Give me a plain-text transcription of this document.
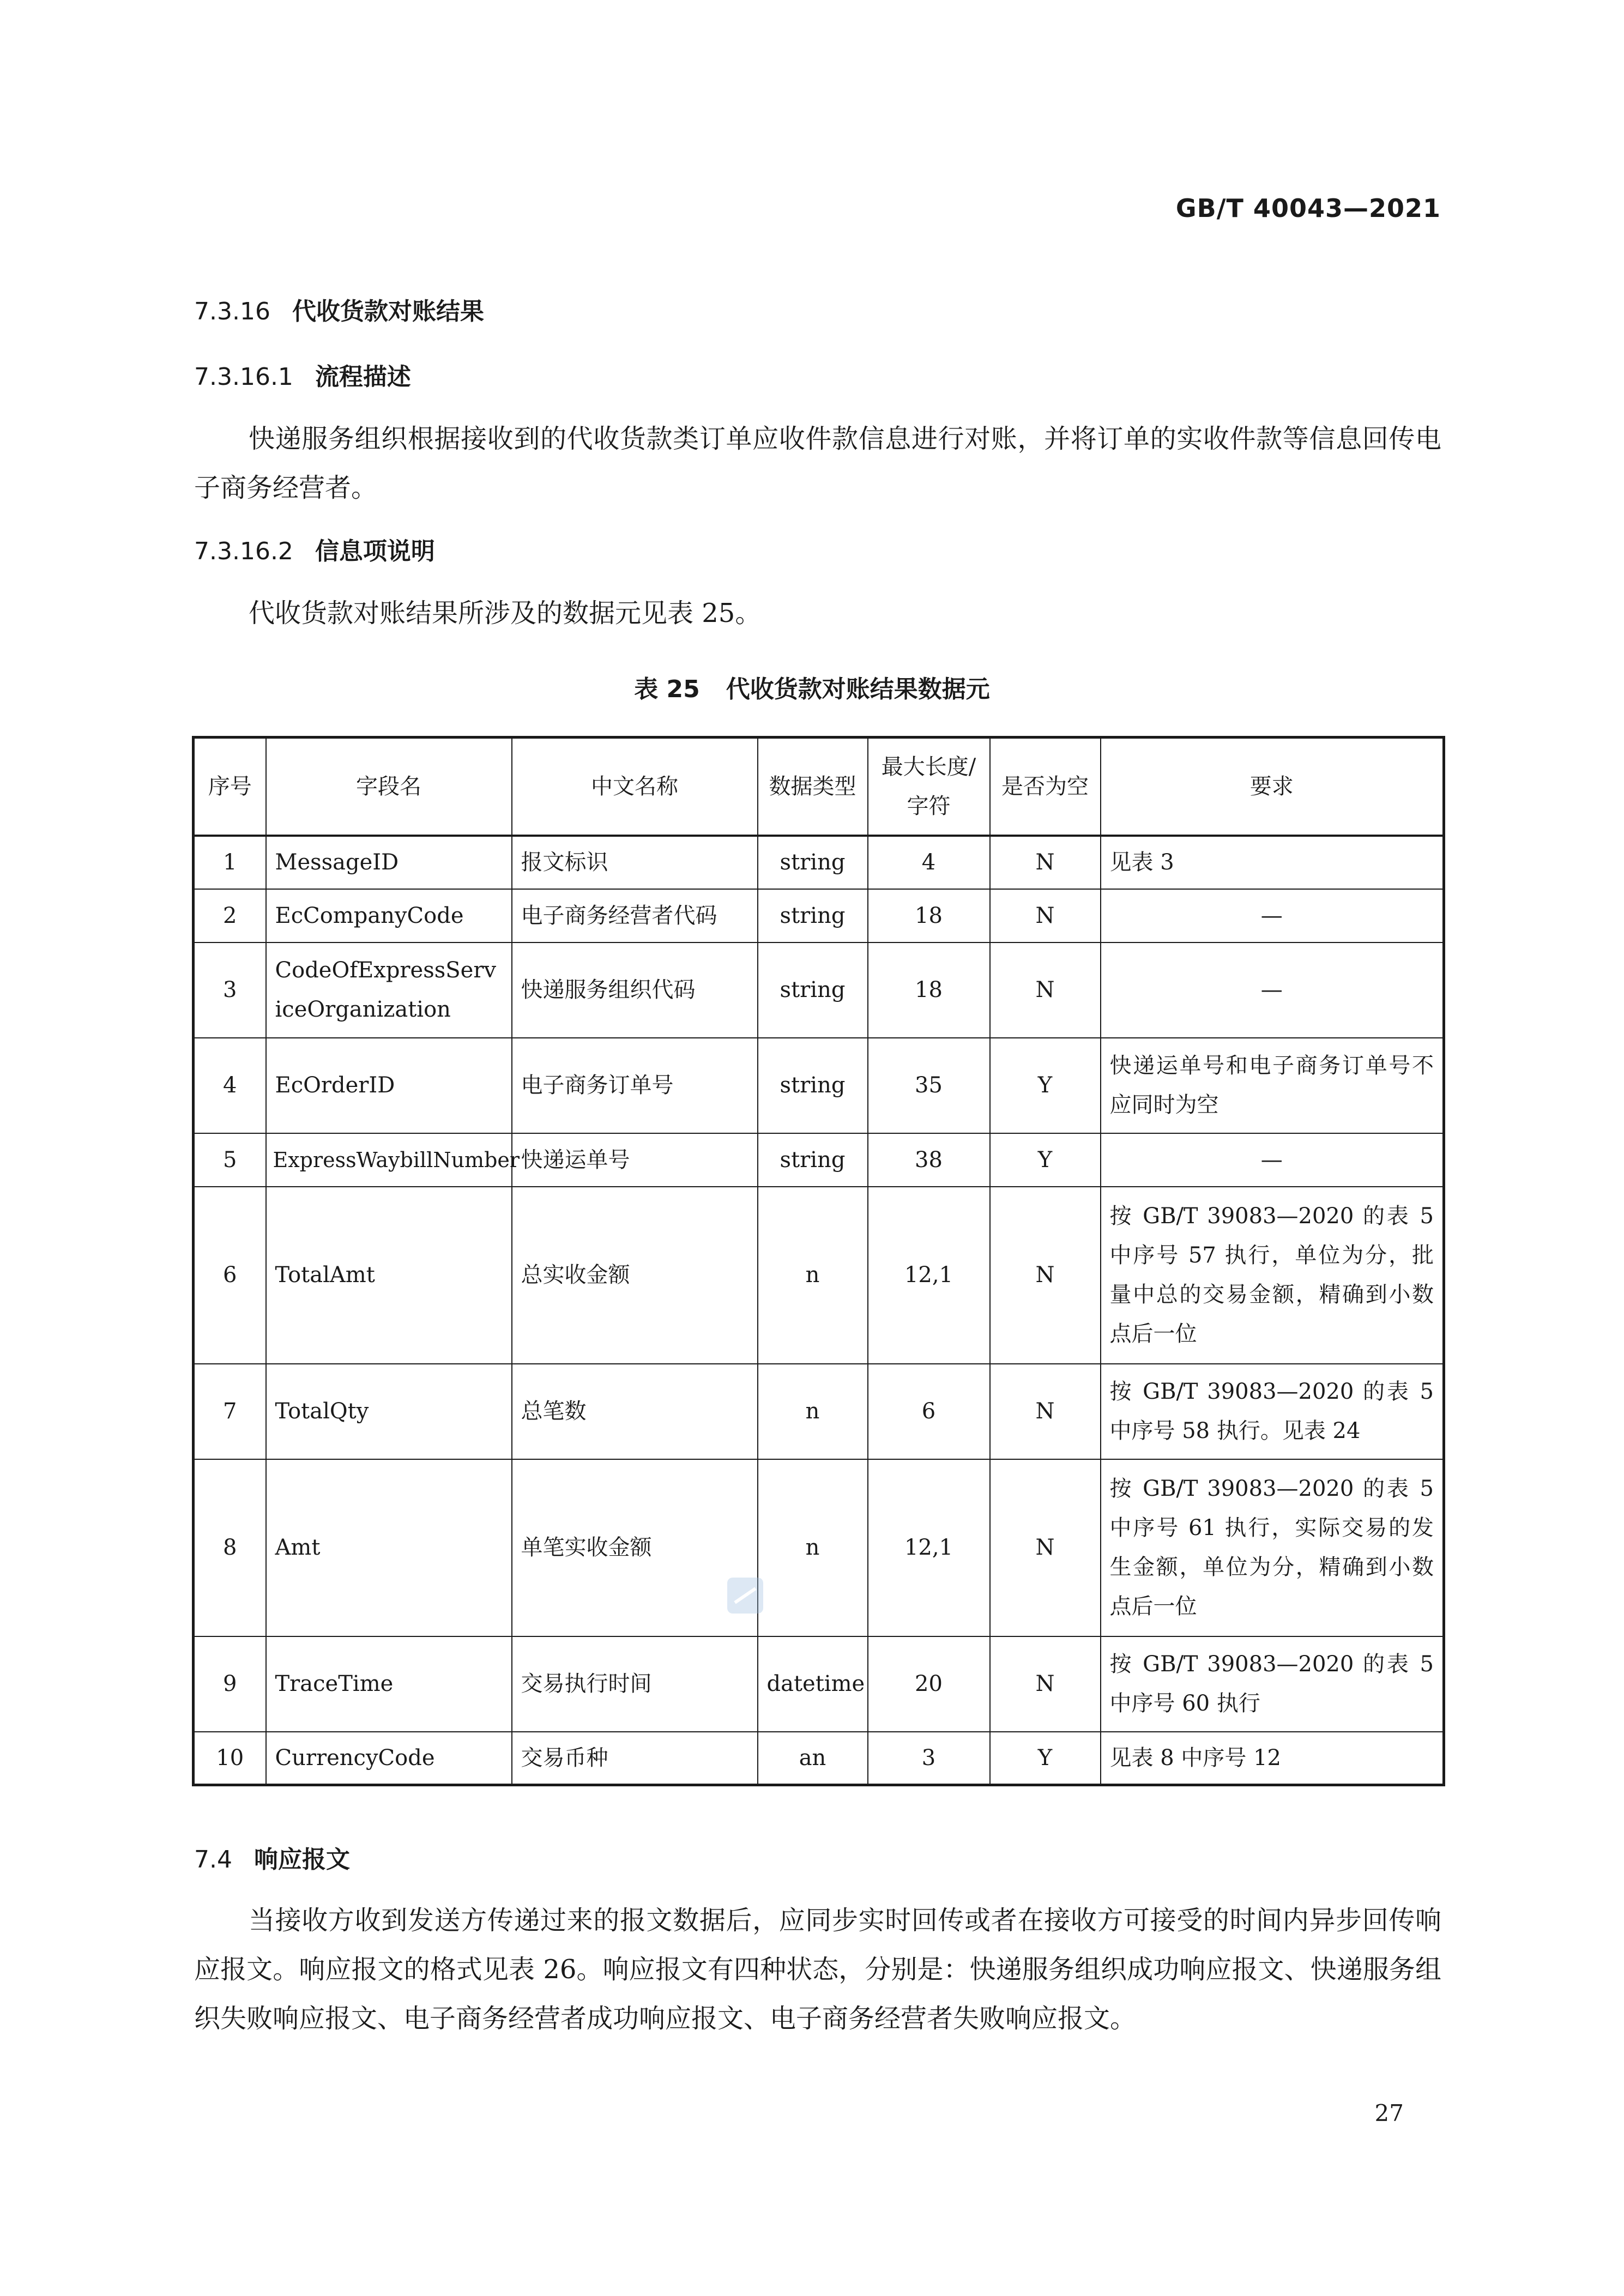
GB/T 40043—2021
7.3.16 代收货款对账结果
7.3.16.1 流程描述
快递服务组织根据接收到的代收货款类订单应收件款信息进行对账，并将订单的实收件款等信息回传电子商务经营者。
7.3.16.2 信息项说明
代收货款对账结果所涉及的数据元见表 25。
表 25 代收货款对账结果数据元
序号	字段名	中文名称	数据类型	最大长度/字符	是否为空	要求
1	MessageID	报文标识	string	4	N	见表 3
2	EcCompanyCode	电子商务经营者代码	string	18	N	—
3	CodeOfExpressServiceOrganization	快递服务组织代码	string	18	N	—
4	EcOrderID	电子商务订单号	string	35	Y	快递运单号和电子商务订单号不应同时为空
5	ExpressWaybillNumber	快递运单号	string	38	Y	—
6	TotalAmt	总实收金额	n	12,1	N	按 GB/T 39083—2020 的表 5 中序号 57 执行，单位为分，批量中总的交易金额，精确到小数点后一位
7	TotalQty	总笔数	n	6	N	按 GB/T 39083—2020 的表 5 中序号 58 执行。见表 24
8	Amt	单笔实收金额	n	12,1	N	按 GB/T 39083—2020 的表 5 中序号 61 执行，实际交易的发生金额，单位为分，精确到小数点后一位
9	TraceTime	交易执行时间	datetime	20	N	按 GB/T 39083—2020 的表 5 中序号 60 执行
10	CurrencyCode	交易币种	an	3	Y	见表 8 中序号 12
7.4 响应报文
当接收方收到发送方传递过来的报文数据后，应同步实时回传或者在接收方可接受的时间内异步回传响应报文。响应报文的格式见表 26。响应报文有四种状态，分别是：快递服务组织成功响应报文、快递服务组织失败响应报文、电子商务经营者成功响应报文、电子商务经营者失败响应报文。
27
